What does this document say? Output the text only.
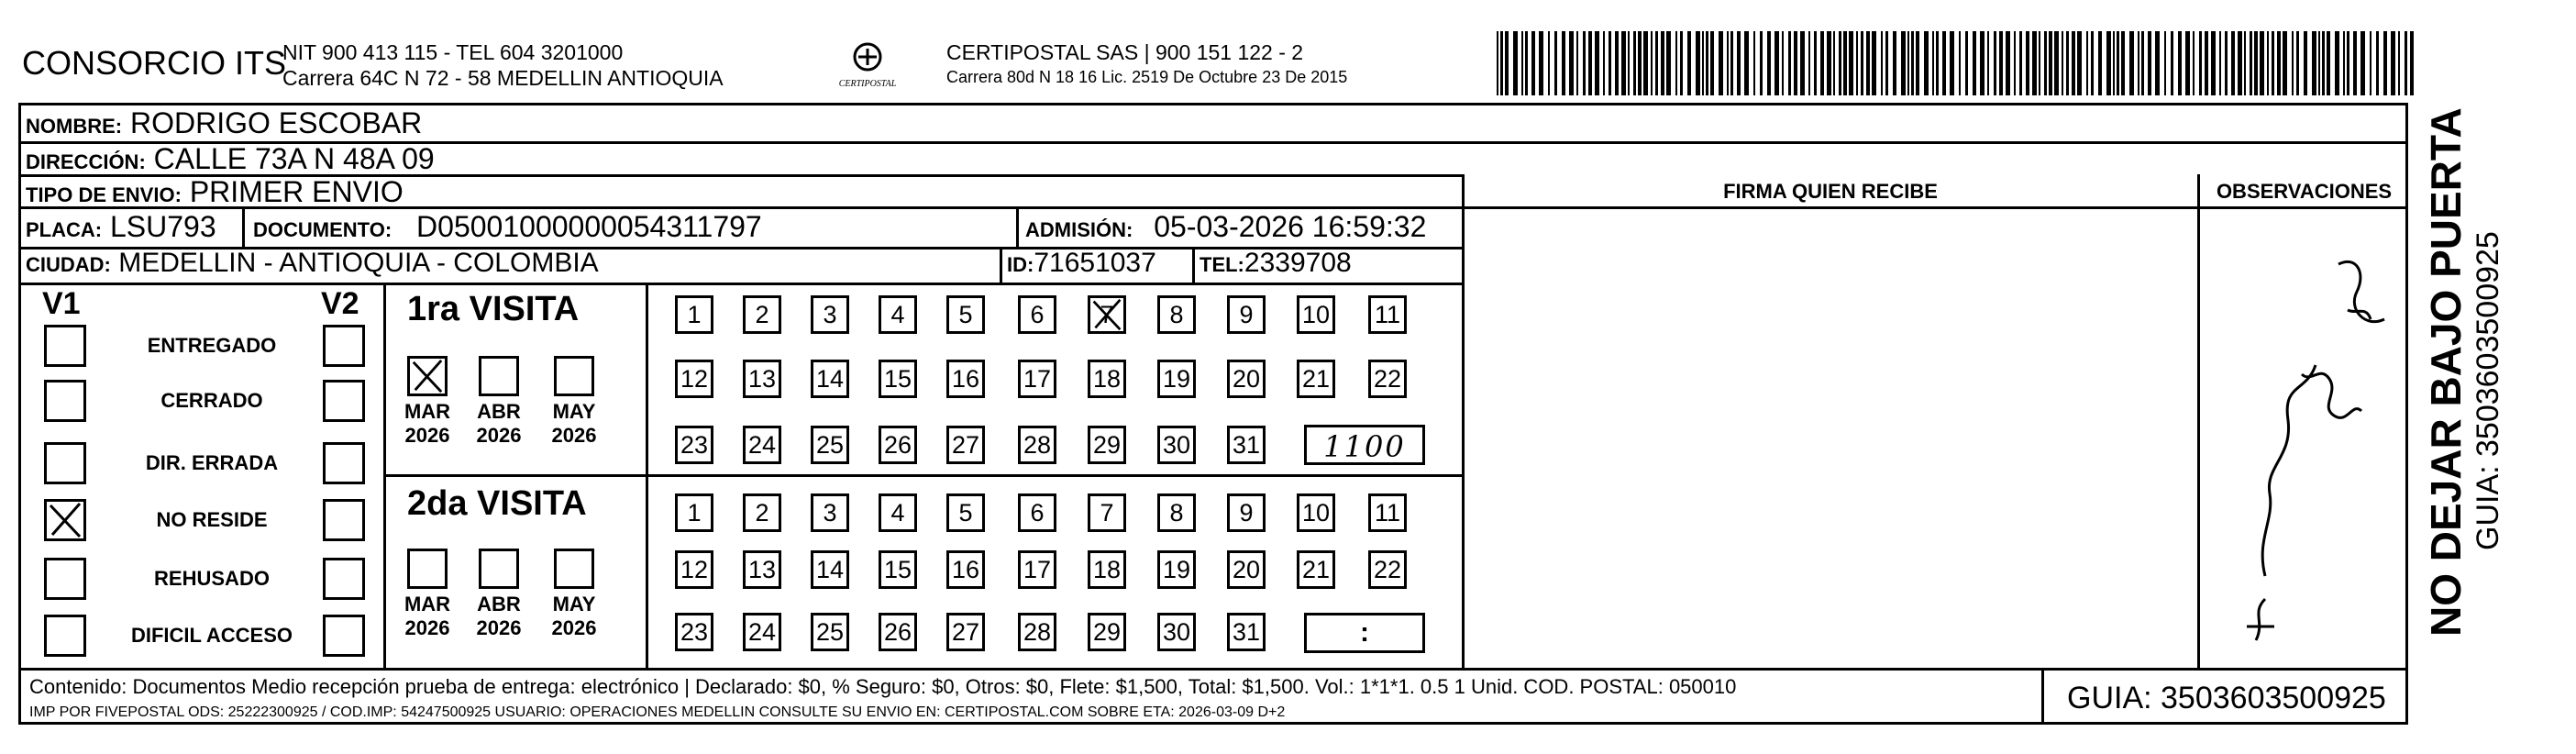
CONSORCIO ITS
NIT 900 413 115 - TEL 604 3201000
Carrera 64C N 72 - 58 MEDELLIN ANTIOQUIA	CERTIPOSTAL
CERTIPOSTAL SAS | 900 151 122 - 2
Carrera 80d N 18 16 Lic. 2519 De Octubre 23 De 2015
NOMBRE: RODRIGO ESCOBAR
DIRECCIÓN: CALLE 73A N 48A 09
TIPO DE ENVIO: PRIMER ENVIO	FIRMA QUIEN RECIBE	OBSERVACIONES
PLACA: LSU793 DOCUMENTO: D05001000000054311797	ADMISIÓN: 05-03-2026 16:59:32
CIUDAD: MEDELLIN - ANTIOQUIA - COLOMBIA	ID:71651037 TEL:2339708
V1	V2 1ra VISITA
2da VISITA
1100
:	NO DEJAR BAJO PUERTA GUIA: 3503603500925
Contenido: Documentos Medio recepción prueba de entrega: electrónico | Declarado: $0, % Seguro: $0, Otros: $0, Flete: $1,500, Total: $1,500. Vol.: 1*1*1. 0.5 1 Unid. COD. POSTAL: 050010
IMP POR FIVEPOSTAL ODS: 25222300925 / COD.IMP: 54247500925 USUARIO: OPERACIONES MEDELLIN CONSULTE SU ENVIO EN: CERTIPOSTAL.COM SOBRE ETA: 2026-03-09 D+2	GUIA: 3503603500925
ENTREGADO
CERRADO
DIR. ERRADA
NO RESIDE
REHUSADO
DIFICIL ACCESO
MAR
2026
ABR
2026
MAY
2026
MAR
2026
ABR
2026
MAY
2026
1 2 3 4 5 6 7 8 9 10 11
12 13 14 15 16 17 18 19 20 21 22
23 24 25 26 27 28 29 30 31
1 2 3 4 5 6 7 8 9 10 11
12 13 14 15 16 17 18 19 20 21 22
23 24 25 26 27 28 29 30 31
